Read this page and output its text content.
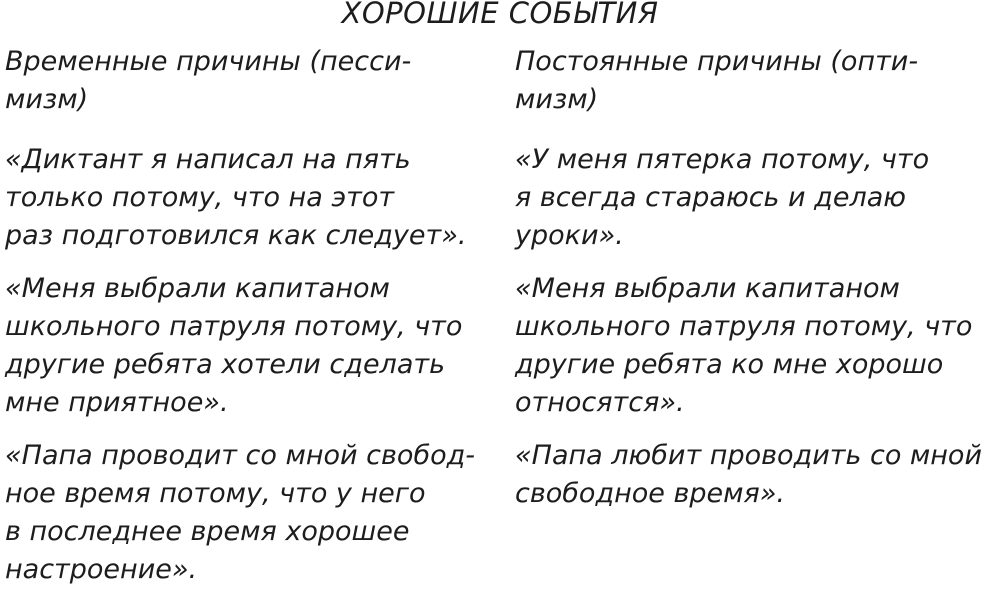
ХОРОШИЕ СОБЫТИЯ
Временные причины (песси-
мизм)
«Диктант я написал на пять
только потому, что на этот
раз подготовился как следует».
«Меня выбрали капитаном
школьного патруля потому, что
другие ребята хотели сделать
мне приятное».
«Папа проводит со мной свобод-
ное время потому, что у него
в последнее время хорошее
настроение».
Постоянные причины (опти-
мизм)
«У меня пятерка потому, что
я всегда стараюсь и делаю
уроки».
«Меня выбрали капитаном
школьного патруля потому, что
другие ребята ко мне хорошо
относятся».
«Папа любит проводить со мной
свободное время».
